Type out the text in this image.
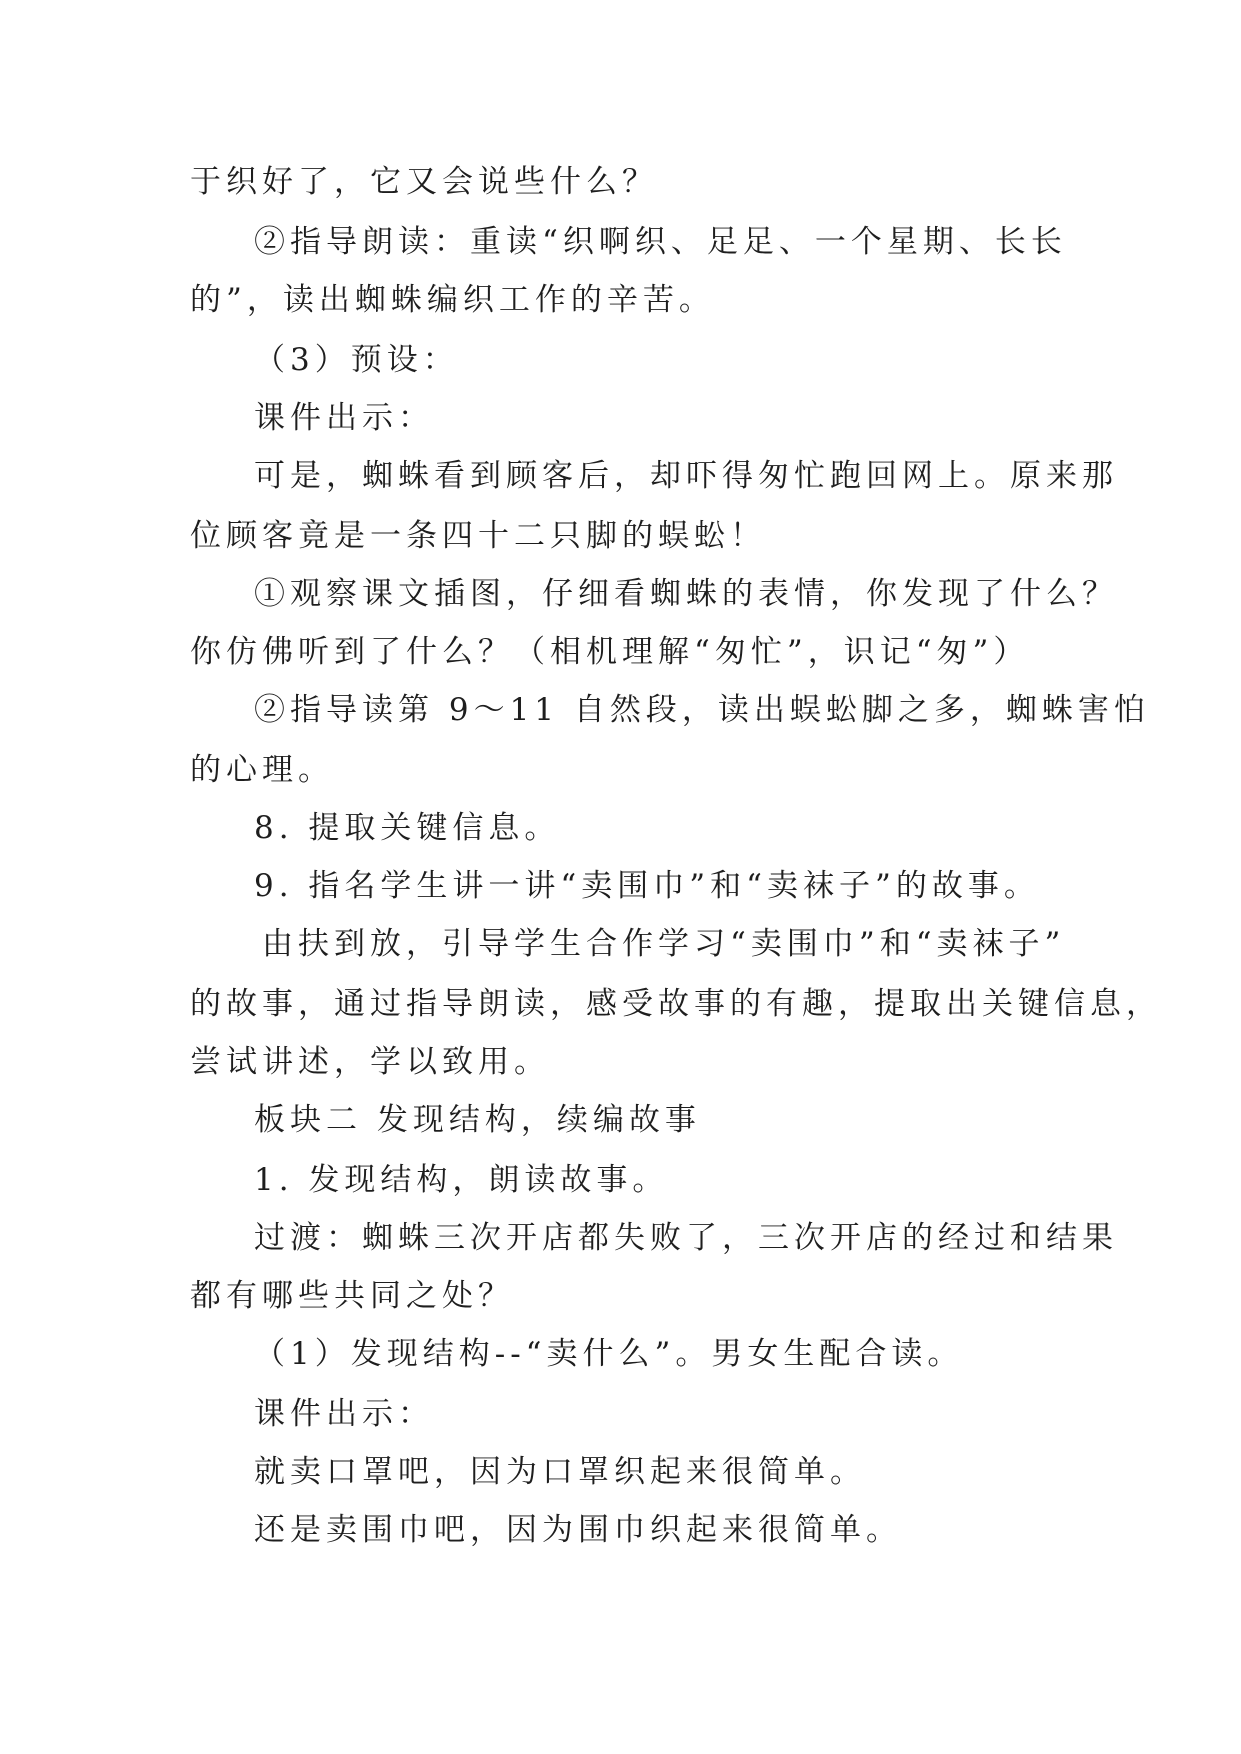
于织好了，它又会说些什么？

②指导朗读：重读“织啊织、足足、一个星期、长长

的”，读出蜘蛛编织工作的辛苦。

（3）预设：

课件出示：

可是，蜘蛛看到顾客后，却吓得匆忙跑回网上。原来那

位顾客竟是一条四十二只脚的蜈蚣！

①观察课文插图，仔细看蜘蛛的表情，你发现了什么？

你仿佛听到了什么？（相机理解“匆忙”，识记“匆”）

②指导读第 9～11 自然段，读出蜈蚣脚之多，蜘蛛害怕

的心理。

8. 提取关键信息。

9. 指名学生讲一讲“卖围巾”和“卖袜子”的故事。

由扶到放，引导学生合作学习“卖围巾”和“卖袜子”

的故事，通过指导朗读，感受故事的有趣，提取出关键信息，

尝试讲述，学以致用。

板块二 发现结构，续编故事

1. 发现结构，朗读故事。

过渡：蜘蛛三次开店都失败了，三次开店的经过和结果

都有哪些共同之处？

（1）发现结构--“卖什么”。男女生配合读。

课件出示：

就卖口罩吧，因为口罩织起来很简单。

还是卖围巾吧，因为围巾织起来很简单。
